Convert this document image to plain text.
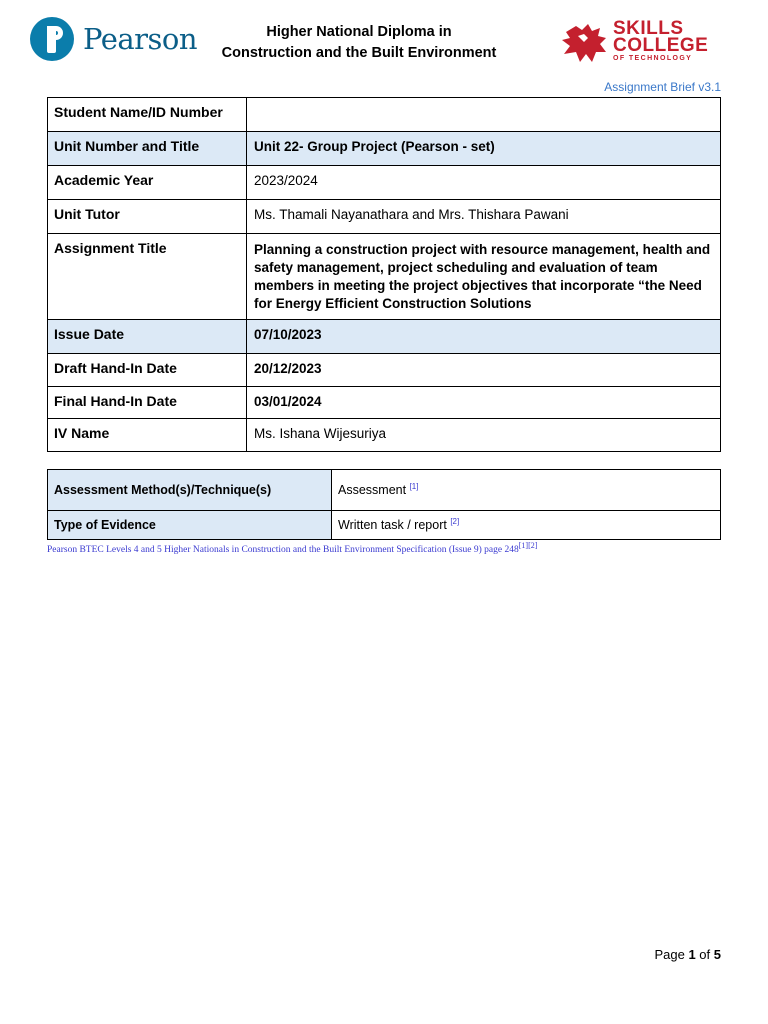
Pearson	Higher National Diploma in
Construction and the Built Environment
SKILLS
COLLEGE
OF TECHNOLOGY
Assignment Brief v3.1
Student Name/ID Number	
Unit Number and Title	Unit 22- Group Project (Pearson - set)
Academic Year	2023/2024
Unit Tutor	Ms. Thamali Nayanathara and Mrs. Thishara Pawani
Assignment Title	Planning a construction project with resource management, health and safety management, project scheduling and evaluation of team members in meeting the project objectives that incorporate “the Need for Energy Efficient Construction Solutions
Issue Date	07/10/2023
Draft Hand-In Date	20/12/2023
Final Hand-In Date	03/01/2024
IV Name	Ms. Ishana Wijesuriya
Assessment Method(s)/Technique(s)	Assessment [1]
Type of Evidence	Written task / report [2]
Pearson BTEC Levels 4 and 5 Higher Nationals in Construction and the Built Environment Specification (Issue 9) page 248[1][2]
Page 1 of 5
